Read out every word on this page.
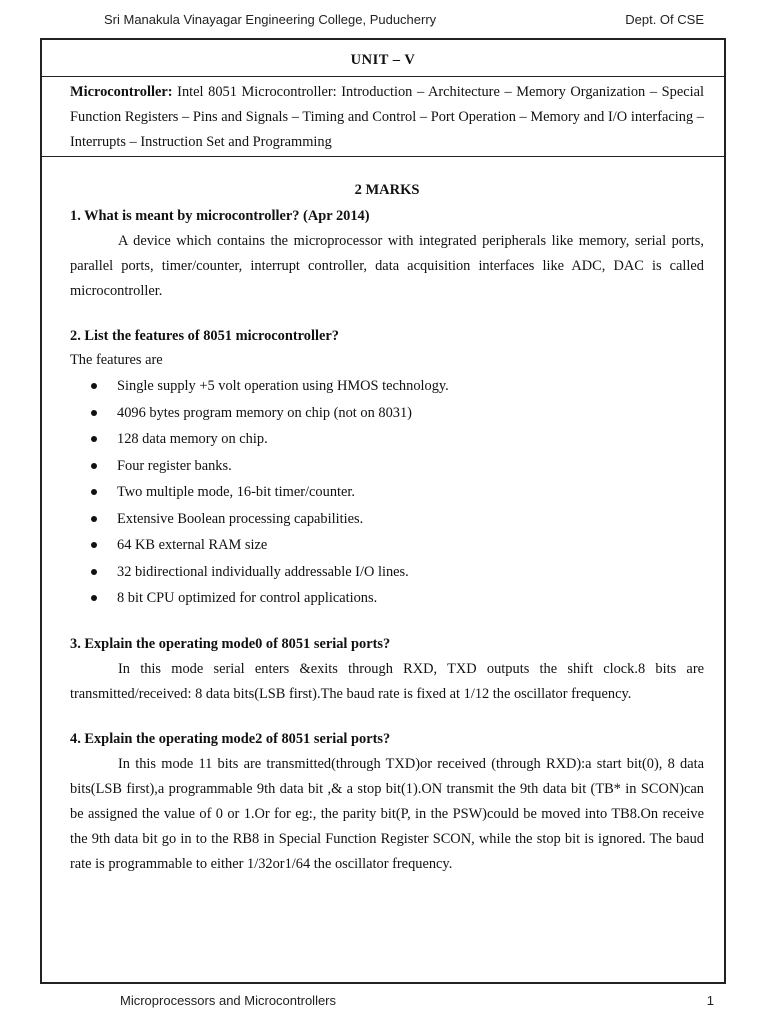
Sri Manakula Vinayagar Engineering College, Puducherry	Dept. Of CSE
UNIT – V
Microcontroller: Intel 8051 Microcontroller: Introduction – Architecture – Memory Organization – Special Function Registers – Pins and Signals – Timing and Control – Port Operation – Memory and I/O interfacing – Interrupts – Instruction Set and Programming
2 MARKS
1. What is meant by microcontroller? (Apr 2014)
A device which contains the microprocessor with integrated peripherals like memory, serial ports, parallel ports, timer/counter, interrupt controller, data acquisition interfaces like ADC, DAC is called microcontroller.
2. List the features of 8051 microcontroller?
The features are
Single supply +5 volt operation using HMOS technology.
4096 bytes program memory on chip (not on 8031)
128 data memory on chip.
Four register banks.
Two multiple mode, 16-bit timer/counter.
Extensive Boolean processing capabilities.
64 KB external RAM size
32 bidirectional individually addressable I/O lines.
8 bit CPU optimized for control applications.
3. Explain the operating mode0 of 8051 serial ports?
In this mode serial enters &exits through RXD, TXD outputs the shift clock.8 bits are transmitted/received: 8 data bits(LSB first).The baud rate is fixed at 1/12 the oscillator frequency.
4. Explain the operating mode2 of 8051 serial ports?
In this mode 11 bits are transmitted(through TXD)or received (through RXD):a start bit(0), 8 data bits(LSB first),a programmable 9th data bit ,& a stop bit(1).ON transmit the 9th data bit (TB* in SCON)can be assigned the value of 0 or 1.Or for eg:, the parity bit(P, in the PSW)could be moved into TB8.On receive the 9th data bit go in to the RB8 in Special Function Register SCON, while the stop bit is ignored. The baud rate is programmable to either 1/32or1/64 the oscillator frequency.
Microprocessors and Microcontrollers	1
